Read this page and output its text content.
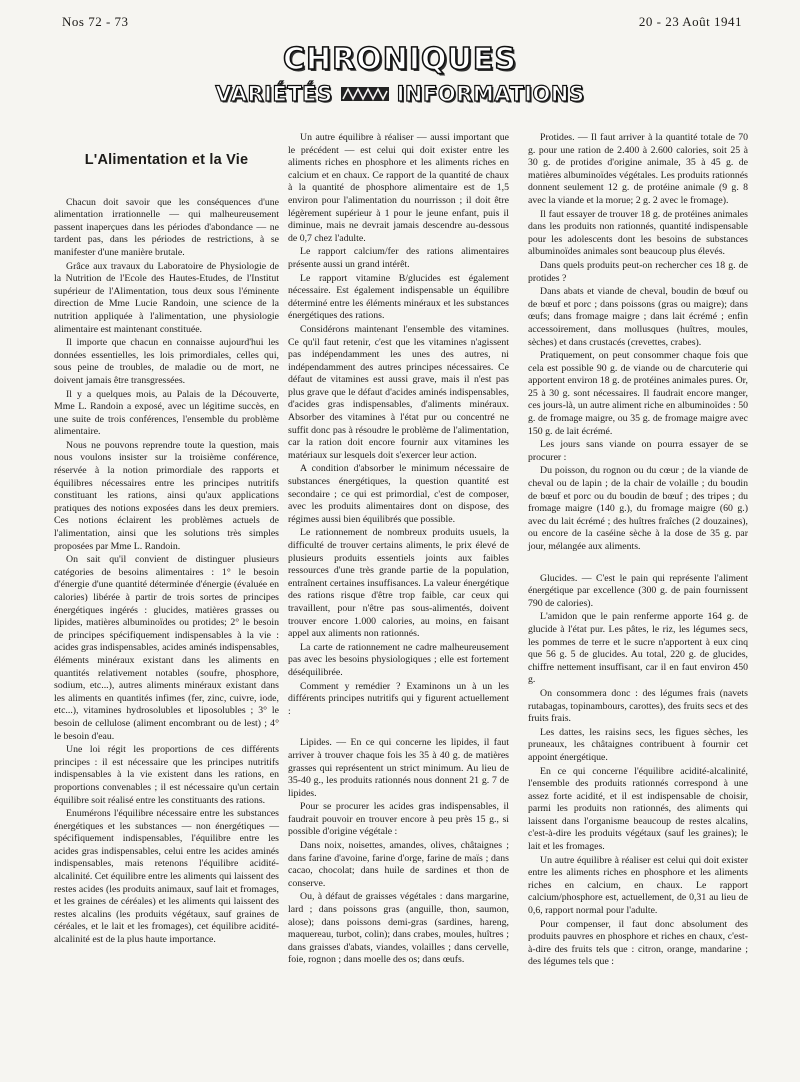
Nos 72 - 73	20 - 23 Août 1941
CHRONIQUES
VARIÉTÉS	INFORMATIONS
L'Alimentation et la Vie

Chacun doit savoir que les conséquences d'une alimentation irrationnelle — qui malheureusement passent inaperçues dans les périodes d'abondance — ne tardent pas, dans les périodes de restrictions, à se manifester d'une manière brutale.

Grâce aux travaux du Laboratoire de Physiologie de la Nutrition de l'Ecole des Hautes-Etudes, de l'Institut supérieur de l'Alimentation, tous deux sous l'éminente direction de Mme Lucie Randoin, une science de la nutrition appliquée à l'alimentation, une physiologie alimentaire est maintenant constituée.

Il importe que chacun en connaisse aujourd'hui les données essentielles, les lois primordiales, celles qui, sous peine de troubles, de maladie ou de mort, ne doivent jamais être transgressées.

Il y a quelques mois, au Palais de la Découverte, Mme L. Randoin a exposé, avec un légitime succès, en une suite de trois conférences, l'ensemble du problème alimentaire.

Nous ne pouvons reprendre toute la question, mais nous voulons insister sur la troisième conférence, réservée à la notion primordiale des rapports et équilibres nécessaires entre les principes nutritifs constituant les rations, ainsi qu'aux applications pratiques des notions exposées dans les deux premiers. Ces notions éclairent les problèmes actuels de l'alimentation, ainsi que les solutions très simples proposées par Mme L. Randoin.

On sait qu'il convient de distinguer plusieurs catégories de besoins alimentaires : 1° le besoin d'énergie d'une quantité déterminée d'énergie (évaluée en calories) libérée à partir de trois sortes de principes énergétiques ingérés : glucides, matières grasses ou lipides, matières albuminoïdes ou protides; 2° le besoin de principes spécifiquement indispensables à la vie : acides gras indispensables, acides aminés indispensables, éléments minéraux existant dans les aliments en quantités relativement notables (soufre, phosphore, sodium, etc...), autres aliments minéraux existant dans les aliments en quantités infimes (fer, zinc, cuivre, iode, etc...), vitamines hydrosolubles et liposolubles ; 3° le besoin de cellulose (aliment encombrant ou de lest) ; 4° le besoin d'eau.

Une loi régit les proportions de ces différents principes : il est nécessaire que les principes nutritifs indispensables à la vie existent dans les rations, en proportions convenables ; il est nécessaire qu'un certain équilibre soit réalisé entre les constituants des rations.

Enumérons l'équilibre nécessaire entre les substances énergétiques et les substances — non énergétiques — spécifiquement indispensables, l'équilibre entre les acides gras indispensables, celui entre les acides aminés indispensables, mais retenons l'équilibre acidité-alcalinité. Cet équilibre entre les aliments qui laissent des restes acides (les produits animaux, sauf lait et fromages, et les graines de céréales) et les aliments qui laissent des restes alcalins (les produits végétaux, sauf graines de céréales, et le lait et les fromages), cet équilibre acidité-alcalinité est de la plus haute importance.

Un autre équilibre à réaliser — aussi important que le précédent — est celui qui doit exister entre les aliments riches en phosphore et les aliments riches en calcium et en chaux. Ce rapport de la quantité de chaux à la quantité de phosphore alimentaire est de 1,5 environ pour l'alimentation du nourrisson ; il doit être légèrement supérieur à 1 pour le jeune enfant, puis il diminue, mais ne devrait jamais descendre au-dessous de 0,7 chez l'adulte.

Le rapport calcium/fer des rations alimentaires présente aussi un grand intérêt.

Le rapport vitamine B/glucides est également nécessaire. Est également indispensable un équilibre déterminé entre les éléments minéraux et les substances énergétiques des rations.

Considérons maintenant l'ensemble des vitamines. Ce qu'il faut retenir, c'est que les vitamines n'agissent pas indépendamment les unes des autres, ni indépendamment des autres principes nécessaires. Ce défaut de vitamines est aussi grave, mais il n'est pas plus grave que le défaut d'acides aminés indispensables, d'acides gras indispensables, d'aliments minéraux. Absorber des vitamines à l'état pur ou concentré ne suffit donc pas à résoudre le problème de l'alimentation, car la ration doit encore fournir aux vitamines les matériaux sur lesquels doit s'exercer leur action.

A condition d'absorber le minimum nécessaire de substances énergétiques, la question quantité est secondaire ; ce qui est primordial, c'est de composer, avec les produits alimentaires dont on dispose, des régimes aussi bien équilibrés que possible.

Le rationnement de nombreux produits usuels, la difficulté de trouver certains aliments, le prix élevé de plusieurs produits essentiels joints aux faibles ressources d'une très grande partie de la population, entraînent certaines insuffisances. La valeur énergétique des rations risque d'être trop faible, car ceux qui travaillent, pour n'être pas sous-alimentés, doivent trouver encore 1.000 calories, au moins, en faisant appel aux aliments non rationnés.

La carte de rationnement ne cadre malheureusement pas avec les besoins physiologiques ; elle est fortement déséquilibrée.

Comment y remédier ? Examinons un à un les différents principes nutritifs qui y figurent actuellement :

Lipides. — En ce qui concerne les lipides, il faut arriver à trouver chaque fois les 35 à 40 g. de matières grasses qui représentent un strict minimum. Au lieu de 35-40 g., les produits rationnés nous donnent 21 g. 7 de lipides.

Pour se procurer les acides gras indispensables, il faudrait pouvoir en trouver encore à peu près 15 g., si possible d'origine végétale :

Dans noix, noisettes, amandes, olives, châtaignes ; dans farine d'avoine, farine d'orge, farine de maïs ; dans cacao, chocolat; dans huile de sardines et thon de conserve.

Ou, à défaut de graisses végétales : dans margarine, lard ; dans poissons gras (anguille, thon, saumon, alose); dans poissons demi-gras (sardines, hareng, maquereau, turbot, colin); dans crabes, moules, huîtres ; dans graisses d'abats, viandes, volailles ; dans cervelle, foie, rognon ; dans moelle des os; dans œufs.

Protides. — Il faut arriver à la quantité totale de 70 g. pour une ration de 2.400 à 2.600 calories, soit 25 à 30 g. de protides d'origine animale, 35 à 45 g. de matières albuminoïdes végétales. Les produits rationnés donnent seulement 12 g. de protéine animale (9 g. 8 avec la viande et la morue; 2 g. 2 avec le fromage).

Il faut essayer de trouver 18 g. de protéines animales dans les produits non rationnés, quantité indispensable pour les adolescents dont les besoins de substances albuminoïdes animales sont beaucoup plus élevés.

Dans quels produits peut-on rechercher ces 18 g. de protides ?

Dans abats et viande de cheval, boudin de bœuf ou de bœuf et porc ; dans poissons (gras ou maigre); dans œufs; dans fromage maigre ; dans lait écrémé ; enfin accessoirement, dans mollusques (huîtres, moules, sèches) et dans crustacés (crevettes, crabes).

Pratiquement, on peut consommer chaque fois que cela est possible 90 g. de viande ou de charcuterie qui apportent environ 18 g. de protéines animales pures. Or, 25 à 30 g. sont nécessaires. Il faudrait encore manger, ces jours-là, un autre aliment riche en albuminoïdes : 50 g. de fromage maigre, ou 35 g. de fromage maigre avec 150 g. de lait écrémé.

Les jours sans viande on pourra essayer de se procurer :

Du poisson, du rognon ou du cœur ; de la viande de cheval ou de lapin ; de la chair de volaille ; du boudin de bœuf et porc ou du boudin de bœuf ; des tripes ; du fromage maigre (140 g.), du fromage maigre (60 g.) avec du lait écrémé ; des huîtres fraîches (2 douzaines), ou encore de la caséine sèche à la dose de 35 g. par jour, mélangée aux aliments.

Glucides. — C'est le pain qui représente l'aliment énergétique par excellence (300 g. de pain fournissent 790 de calories).

L'amidon que le pain renferme apporte 164 g. de glucide à l'état pur. Les pâtes, le riz, les légumes secs, les pommes de terre et le sucre n'apportent à eux cinq que 56 g. 5 de glucides. Au total, 220 g. de glucides, chiffre nettement insuffisant, car il en faut environ 450 g.

On consommera donc : des légumes frais (navets rutabagas, topinambours, carottes), des fruits secs et des fruits frais.

Les dattes, les raisins secs, les figues sèches, les pruneaux, les châtaignes contribuent à fournir cet appoint énergétique.

En ce qui concerne l'équilibre acidité-alcalinité, l'ensemble des produits rationnés correspond à une assez forte acidité, et il est indispensable de choisir, parmi les produits non rationnés, des aliments qui laissent dans l'organisme beaucoup de restes alcalins, c'est-à-dire les produits végétaux (sauf les graines); le lait et les fromages.

Un autre équilibre à réaliser est celui qui doit exister entre les aliments riches en phosphore et les aliments riches en calcium, en chaux. Le rapport calcium/phosphore est, actuellement, de 0,31 au lieu de 0,6, rapport normal pour l'adulte.

Pour compenser, il faut donc absolument des produits pauvres en phosphore et riches en chaux, c'est-à-dire des fruits tels que : citron, orange, mandarine ; des légumes tels que :
